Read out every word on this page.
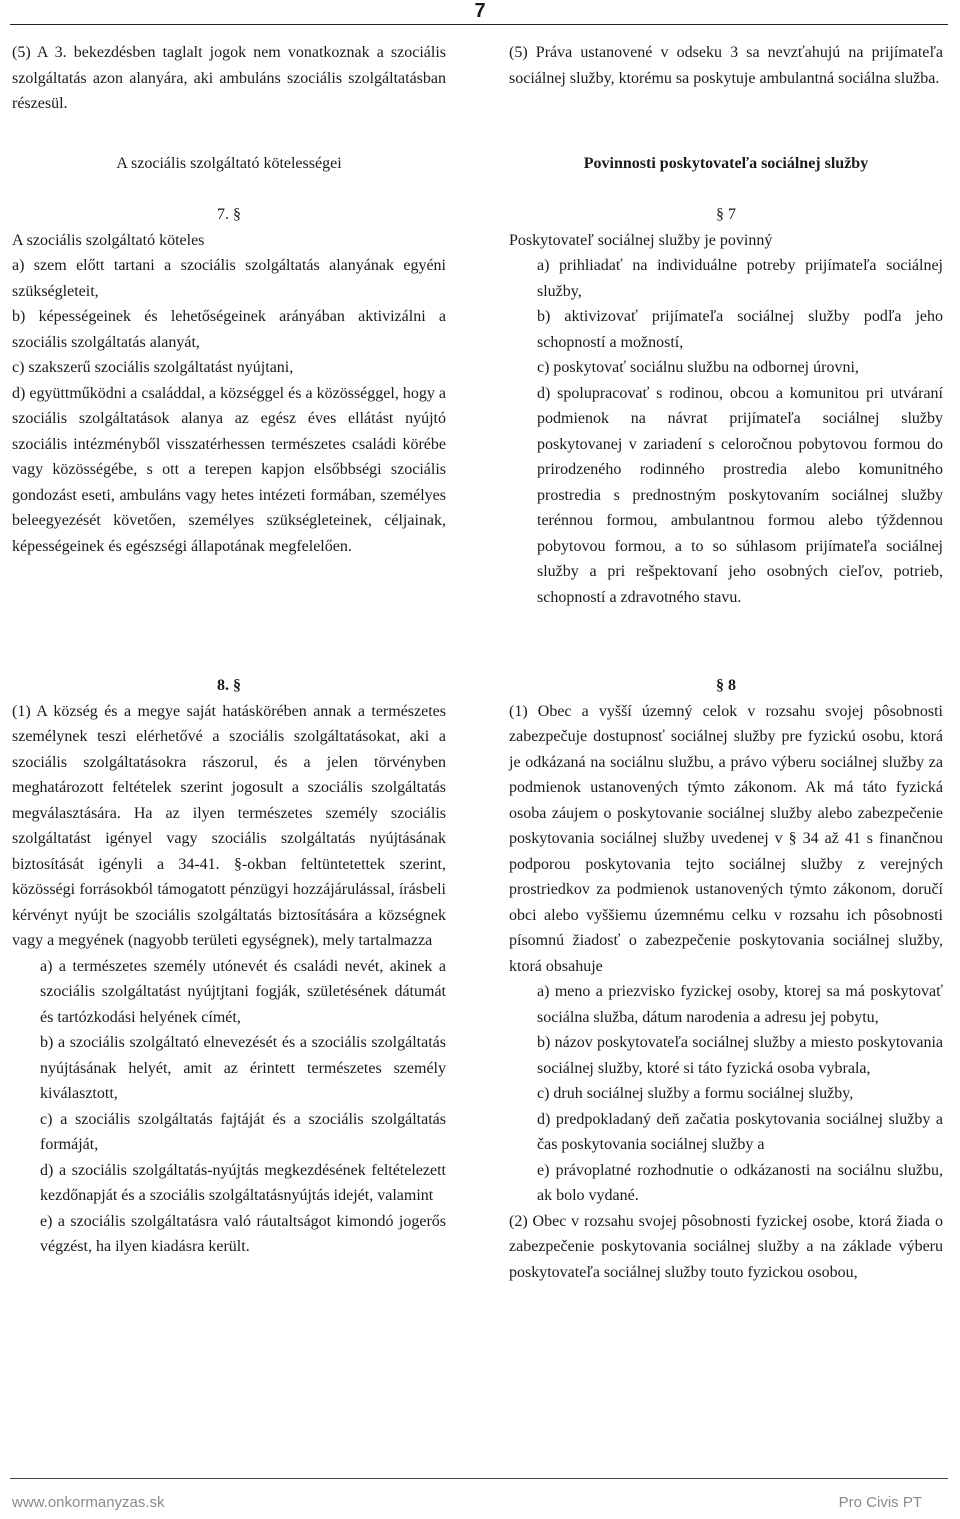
7

(5) A 3. bekezdésben taglalt jogok nem vonatkoznak a szociális szolgáltatás azon alanyára, aki ambuláns szociális szolgáltatásban részesül.

A szociális szolgáltató kötelességei

7. §

A szociális szolgáltató köteles

a) szem előtt tartani a szociális szolgáltatás alanyának egyéni szükségleteit,

b) képességeinek és lehetőségeinek arányában aktivizálni a szociális szolgáltatás alanyát,

c) szakszerű szociális szolgáltatást nyújtani,

d) együttműködni a családdal, a községgel és a közösséggel, hogy a szociális szolgáltatások alanya az egész éves ellátást nyújtó szociális intézményből visszatérhessen természetes családi körébe vagy közösségébe, s ott a terepen kapjon elsőbbségi szociális gondozást eseti, ambuláns vagy hetes intézeti formában, személyes beleegyezését követően, személyes szükségleteinek, céljainak, képességeinek és egészségi állapotának megfelelően.

8. §

(1) A község és a megye saját hatáskörében annak a természetes személynek teszi elérhetővé a szociális szolgáltatásokat, aki a szociális szolgáltatásokra rászorul, és a jelen törvényben meghatározott feltételek szerint jogosult a szociális szolgáltatás megválasztására. Ha az ilyen természetes személy szociális szolgáltatást igényel vagy szociális szolgáltatás nyújtásának biztosítását igényli a 34-41. §-okban feltüntetettek szerint, közösségi forrásokból támogatott pénzügyi hozzájárulással, írásbeli kérvényt nyújt be szociális szolgáltatás biztosítására a községnek vagy a megyének (nagyobb területi egységnek), mely tartalmazza

a) a természetes személy utónevét és családi nevét, akinek a szociális szolgáltatást nyújtjtani fogják, születésének dátumát és tartózkodási helyének címét,

b) a szociális szolgáltató elnevezését és a szociális szolgáltatás nyújtásának helyét, amit az érintett természetes személy kiválasztott,

c) a szociális szolgáltatás fajtáját és a szociális szolgáltatás formáját,

d) a szociális szolgáltatás-nyújtás megkezdésének feltételezett kezdőnapját és a szociális szolgáltatásnyújtás idejét, valamint

e) a szociális szolgáltatásra való ráutaltságot kimondó jogerős végzést, ha ilyen kiadásra került.

(5) Práva ustanovené v odseku 3 sa nevzťahujú na prijímateľa sociálnej služby, ktorému sa poskytuje ambulantná sociálna služba.

Povinnosti poskytovateľa sociálnej služby

§ 7

Poskytovateľ sociálnej služby je povinný

a) prihliadať na individuálne potreby prijímateľa sociálnej služby,

b) aktivizovať prijímateľa sociálnej služby podľa jeho schopností a možností,

c) poskytovať sociálnu službu na odbornej úrovni,

d) spolupracovať s rodinou, obcou a komunitou pri utváraní podmienok na návrat prijímateľa sociálnej služby poskytovanej v zariadení s celoročnou pobytovou formou do prirodzeného rodinného prostredia alebo komunitného prostredia s prednostným poskytovaním sociálnej služby terénnou formou, ambulantnou formou alebo týždennou pobytovou formou, a to so súhlasom prijímateľa sociálnej služby a pri rešpektovaní jeho osobných cieľov, potrieb, schopností a zdravotného stavu.

§ 8

(1) Obec a vyšší územný celok v rozsahu svojej pôsobnosti zabezpečuje dostupnosť sociálnej služby pre fyzickú osobu, ktorá je odkázaná na sociálnu službu, a právo výberu sociálnej služby za podmienok ustanovených týmto zákonom. Ak má táto fyzická osoba záujem o poskytovanie sociálnej služby alebo zabezpečenie poskytovania sociálnej služby uvedenej v § 34 až 41 s finančnou podporou poskytovania tejto sociálnej služby z verejných prostriedkov za podmienok ustanovených týmto zákonom, doručí obci alebo vyššiemu územnému celku v rozsahu ich pôsobnosti písomnú žiadosť o zabezpečenie poskytovania sociálnej služby, ktorá obsahuje

a) meno a priezvisko fyzickej osoby, ktorej sa má poskytovať sociálna služba, dátum narodenia a adresu jej pobytu,

b) názov poskytovateľa sociálnej služby a miesto poskytovania sociálnej služby, ktoré si táto fyzická osoba vybrala,

c) druh sociálnej služby a formu sociálnej služby,

d) predpokladaný deň začatia poskytovania sociálnej služby a čas poskytovania sociálnej služby a

e) právoplatné rozhodnutie o odkázanosti na sociálnu službu, ak bolo vydané.

(2) Obec v rozsahu svojej pôsobnosti fyzickej osobe, ktorá žiada o zabezpečenie poskytovania sociálnej služby a na základe výberu poskytovateľa sociálnej služby touto fyzickou osobou,

www.onkormanyzas.sk	Pro Civis PT
